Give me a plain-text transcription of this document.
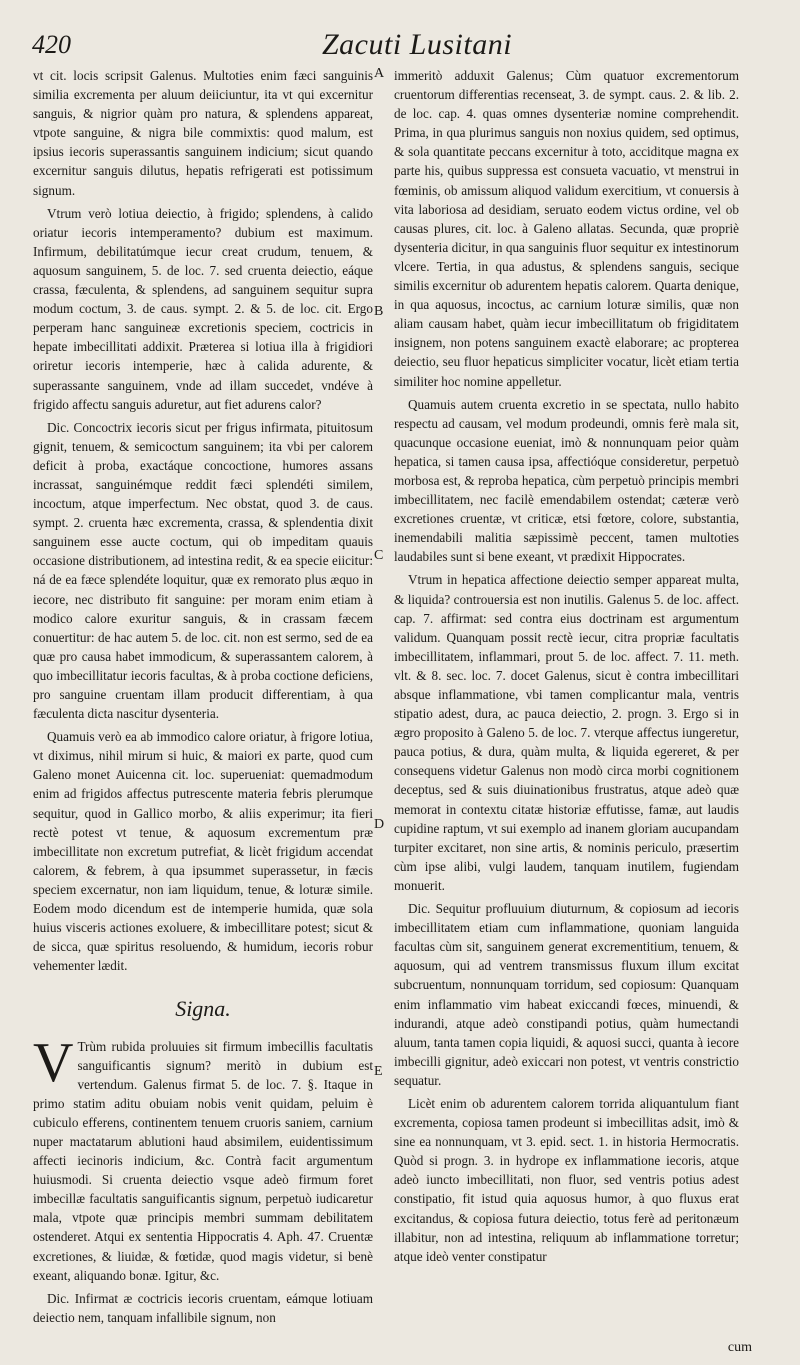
420	Zacuti Lusitani

vt cit. locis scripsit Galenus. Multoties enim fæci sanguinis similia excrementa per aluum deiiciuntur, ita vt qui excernitur sanguis, & nigrior quàm pro natura, & splendens appareat, vtpote sanguine, & nigra bile commixtis: quod malum, est ipsius iecoris superassantis sanguinem indicium; sicut quando excernitur sanguis dilutus, hepatis refrigerati est potissimum signum.

Vtrum verò lotiua deiectio, à frigido; splendens, à calido oriatur iecoris intemperamento? dubium est maximum. Infirmum, debilitatúmque iecur creat crudum, tenuem, & aquosum sanguinem, 5. de loc. 7. sed cruenta deiectio, eáque crassa, fæculenta, & splendens, ad sanguinem sequitur supra modum coctum, 3. de caus. sympt. 2. & 5. de loc. cit. Ergo perperam hanc sanguineæ excretionis speciem, coctricis in hepate imbecillitati addixit. Præterea si lotiua illa à frigidiori oriretur iecoris intemperie, hæc à calida adurente, & superassante sanguinem, vnde ad illam succedet, vndéve à frigido affectu sanguis aduretur, aut fiet adurens calor?

Dic. Concoctrix iecoris sicut per frigus infirmata, pituitosum gignit, tenuem, & semicoctum sanguinem; ita vbi per calorem deficit à proba, exactáque concoctione, humores assans incrassat, sanguinémque reddit fæci splendéti similem, incoctum, atque imperfectum. Nec obstat, quod 3. de caus. sympt. 2. cruenta hæc excrementa, crassa, & splendentia dixit sanguinem esse aucte coctum, qui ob impeditam quauis occasione distributionem, ad intestina redit, & ea specie eiicitur: ná de ea fæce splendéte loquitur, quæ ex remorato plus æquo in iecore, nec distributo fit sanguine: per moram enim etiam à modico calore exuritur sanguis, & in crassam fæcem conuertitur: de hac autem 5. de loc. cit. non est sermo, sed de ea quæ pro causa habet immodicum, & superassantem calorem, à quo imbecillitatur iecoris facultas, & à proba coctione deficiens, pro sanguine cruentam illam producit differentiam, à qua fæculenta dicta nascitur dysenteria.

Quamuis verò ea ab immodico calore oriatur, à frigore lotiua, vt diximus, nihil mirum si huic, & maiori ex parte, quod cum Galeno monet Auicenna cit. loc. superueniat: quemadmodum enim ad frigidos affectus putrescente materia febris plerumque sequitur, quod in Gallico morbo, & aliis experimur; ita fieri rectè potest vt tenue, & aquosum excrementum præ imbecillitate non excretum putrefiat, & licèt frigidum accendat calorem, & febrem, à qua ipsummet superassetur, in fæcis speciem excernatur, non iam liquidum, tenue, & loturæ simile. Eodem modo dicendum est de intemperie humida, quæ sola huius visceris actiones exoluere, & imbecillitare potest; sicut & de sicca, quæ spiritus resoluendo, & humidum, iecoris robur vehementer lædit.

Signa.

V Trùm rubida proluuies sit firmum imbecillis facultatis sanguificantis signum? meritò in dubium est vertendum. Galenus firmat 5. de loc. 7. §. Itaque in primo statim aditu obuiam nobis venit quidam, peluim è cubiculo efferens, continentem tenuem cruoris saniem, carnium nuper mactatarum ablutioni haud absimilem, euidentissimum affecti iecinoris indicium, &c. Contrà facit argumentum huiusmodi. Si cruenta deiectio vsque adeò firmum foret imbecillæ facultatis sanguificantis signum, perpetuò iudicaretur mala, vtpote quæ principis membri summam debilitatem ostenderet. Atqui ex sententia Hippocratis 4. Aph. 47. Cruentæ excretiones, & liuidæ, & fœtidæ, quod magis videtur, si benè exeant, aliquando bonæ. Igitur, &c.

Dic. Infirmat æ coctricis iecoris cruentam, eámque lotiuam deiectio nem, tanquam infallibile signum, non

A
B
C
D
E

immeritò adduxit Galenus; Cùm quatuor excrementorum cruentorum differentias recenseat, 3. de sympt. caus. 2. & lib. 2. de loc. cap. 4. quas omnes dysenteriæ nomine comprehendit. Prima, in qua plurimus sanguis non noxius quidem, sed optimus, & sola quantitate peccans excernitur à toto, acciditque magna ex parte his, quibus suppressa est consueta vacuatio, vt menstrui in fœminis, ob amissum aliquod validum exercitium, vt conuersis à vita laboriosa ad desidiam, seruato eodem victus ordine, vel ob causas plures, cit. loc. à Galeno allatas. Secunda, quæ propriè dysenteria dicitur, in qua sanguinis fluor sequitur ex intestinorum vlcere. Tertia, in qua adustus, & splendens sanguis, secique similis excernitur ob adurentem hepatis calorem. Quarta denique, in qua aquosus, incoctus, ac carnium loturæ similis, quæ non aliam causam habet, quàm iecur imbecillitatum ob frigiditatem insignem, non potens sanguinem exactè elaborare; ac propterea deiectio, seu fluor hepaticus simpliciter vocatur, licèt etiam tertia similiter hoc nomine appelletur.

Quamuis autem cruenta excretio in se spectata, nullo habito respectu ad causam, vel modum prodeundi, omnis ferè mala sit, quacunque occasione eueniat, imò & nonnunquam peior quàm hepatica, si tamen causa ipsa, affectióque consideretur, perpetuò morbosa est, & reproba hepatica, cùm perpetuò principis membri imbecillitatem, nec facilè emendabilem ostendat; cæteræ verò excretiones cruentæ, vt criticæ, etsi fœtore, colore, substantia, inemendabili malitia sæpissimè peccent, tamen multoties laudabiles sunt si bene exeant, vt prædixit Hippocrates.

Vtrum in hepatica affectione deiectio semper appareat multa, & liquida? controuersia est non inutilis. Galenus 5. de loc. affect. cap. 7. affirmat: sed contra eius doctrinam est argumentum validum. Quanquam possit rectè iecur, citra propriæ facultatis imbecillitatem, inflammari, prout 5. de loc. affect. 7. 11. meth. vlt. & 8. sec. loc. 7. docet Galenus, sicut è contra imbecillitari absque inflammatione, vbi tamen complicantur mala, ventris stipatio adest, dura, ac pauca deiectio, 2. progn. 3. Ergo si in ægro proposito à Galeno 5. de loc. 7. vterque affectus iungeretur, pauca potius, & dura, quàm multa, & liquida egereret, & per consequens videtur Galenus non modò circa morbi cognitionem deceptus, sed & suis diuinationibus frustratus, atque adeò quæ memorat in contextu citatæ historiæ effutisse, famæ, aut laudis cupidine raptum, vt sui exemplo ad inanem gloriam aucupandam turpiter excitaret, non sine artis, & nominis periculo, præsertim cùm ipse alibi, vulgi laudem, tanquam inutilem, fugiendam monuerit.

Dic. Sequitur profluuium diuturnum, & copiosum ad iecoris imbecillitatem etiam cum inflammatione, quoniam languida facultas cùm sit, sanguinem generat excrementitium, tenuem, & aquosum, qui ad ventrem transmissus fluxum illum excitat subcruentum, nonnunquam torridum, sed copiosum: Quanquam enim inflammatio vim habeat exiccandi fœces, minuendi, & indurandi, atque adeò constipandi potius, quàm humectandi aluum, tanta tamen copia liquidi, & aquosi succi, quanta à iecore imbecilli gignitur, adeò exiccari non potest, vt ventris constrictio sequatur.

Licèt enim ob adurentem calorem torrida aliquantulum fiant excrementa, copiosa tamen prodeunt si imbecillitas adsit, imò & sine ea nonnunquam, vt 3. epid. sect. 1. in historia Hermocratis. Quòd si progn. 3. in hydrope ex inflammatione iecoris, atque adeò iuncto imbecillitati, non fluor, sed ventris potius adest constipatio, fit istud quia aquosus humor, à quo fluxus erat excitandus, & copiosa futura deiectio, totus ferè ad peritonæum illabitur, non ad intestina, reliquum ab inflammatione torretur; atque ideò venter constipatur

cum
